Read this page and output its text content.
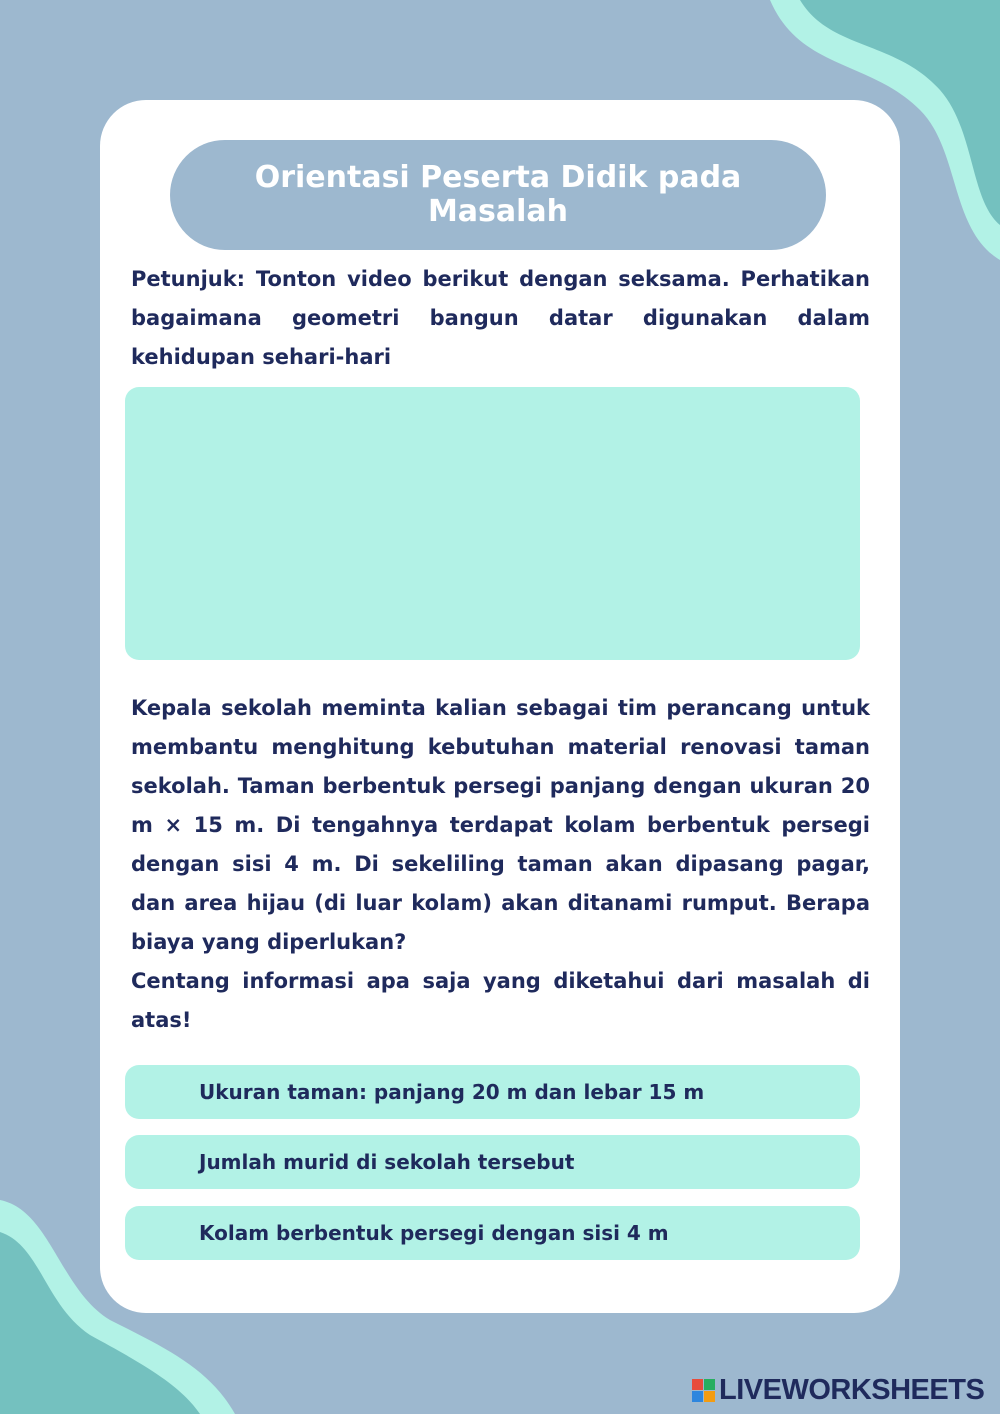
Orientasi Peserta Didik pada Masalah

Petunjuk: Tonton video berikut dengan seksama. Perhatikan bagaimana geometri bangun datar digunakan dalam kehidupan sehari-hari

Kepala sekolah meminta kalian sebagai tim perancang untuk membantu menghitung kebutuhan material renovasi taman sekolah. Taman berbentuk persegi panjang dengan ukuran 20 m × 15 m. Di tengahnya terdapat kolam berbentuk persegi dengan sisi 4 m. Di sekeliling taman akan dipasang pagar, dan area hijau (di luar kolam) akan ditanami rumput. Berapa biaya yang diperlukan?

Centang informasi apa saja yang diketahui dari masalah di atas!

Ukuran taman: panjang 20 m dan lebar 15 m
Jumlah murid di sekolah tersebut
Kolam berbentuk persegi dengan sisi 4 m
LIVEWORKSHEETS
